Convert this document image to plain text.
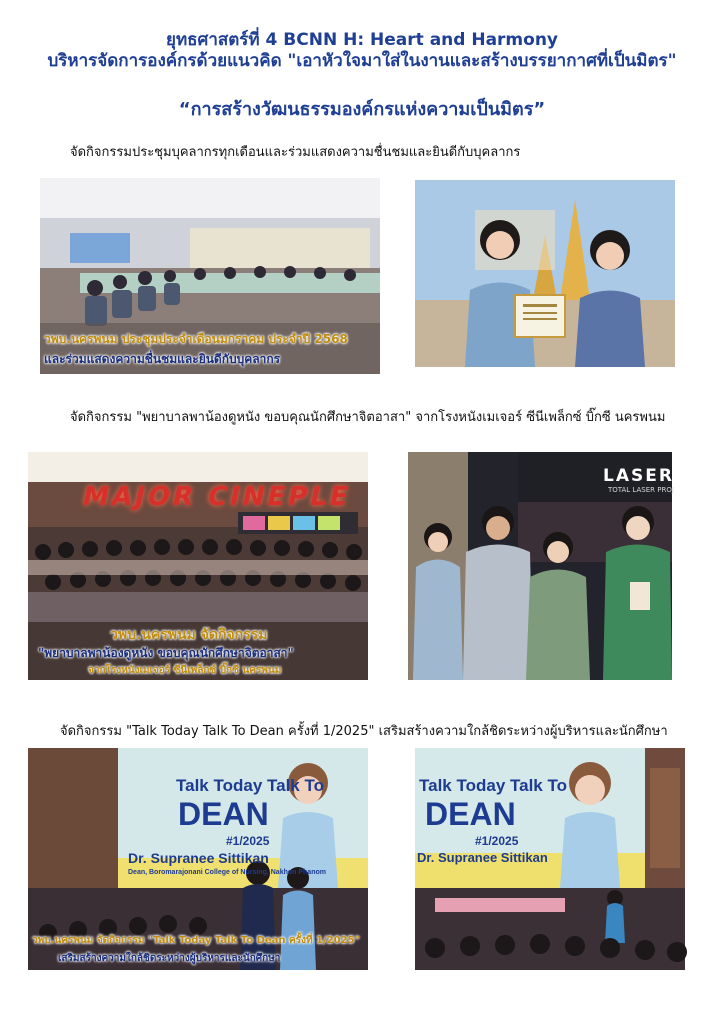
ยุทธศาสตร์ที่ 4 BCNN H: Heart and Harmony
บริหารจัดการองค์กรด้วยแนวคิด "เอาหัวใจมาใส่ในงานและสร้างบรรยากาศที่เป็นมิตร"
“การสร้างวัฒนธรรมองค์กรแห่งความเป็นมิตร”
จัดกิจกรรมประชุมบุคลากรทุกเดือนและร่วมแสดงความชื่นชมและยินดีกับบุคลากร
วพบ.นครพนม ประชุมประจำเดือนมกราคม ประจำปี 2568
และร่วมแสดงความชื่นชมและยินดีกับบุคลากร
จัดกิจกรรม "พยาบาลพาน้องดูหนัง ขอบคุณนักศึกษาจิตอาสา" จากโรงหนังเมเจอร์ ซีนีเพล็กซ์ บิ๊กซี นครพนม
MAJOR CINEPLE
วพบ.นครพนม จัดกิจกรรม
"พยาบาลพาน้องดูหนัง ขอบคุณนักศึกษาจิตอาสา"
จากโรงหนังเมเจอร์ ซีนีเพล็กซ์ บิ๊กซี นครพนม
LASERPL
TOTAL LASER PROJ
จัดกิจกรรม "Talk Today Talk To Dean ครั้งที่ 1/2025" เสริมสร้างความใกล้ชิดระหว่างผู้บริหารและนักศึกษา
Talk Today Talk To
DEAN
#1/2025
Dr. Supranee Sittikan
Dean, Boromarajonani College of Nursing, Nakhon Phanom
วพบ.นครพนม จัดกิจกรรม "Talk Today Talk To Dean ครั้งที่ 1/2025"
เสริมสร้างความใกล้ชิดระหว่างผู้บริหารและนักศึกษา
Talk Today Talk To
DEAN
#1/2025
Dr. Supranee Sittikan
